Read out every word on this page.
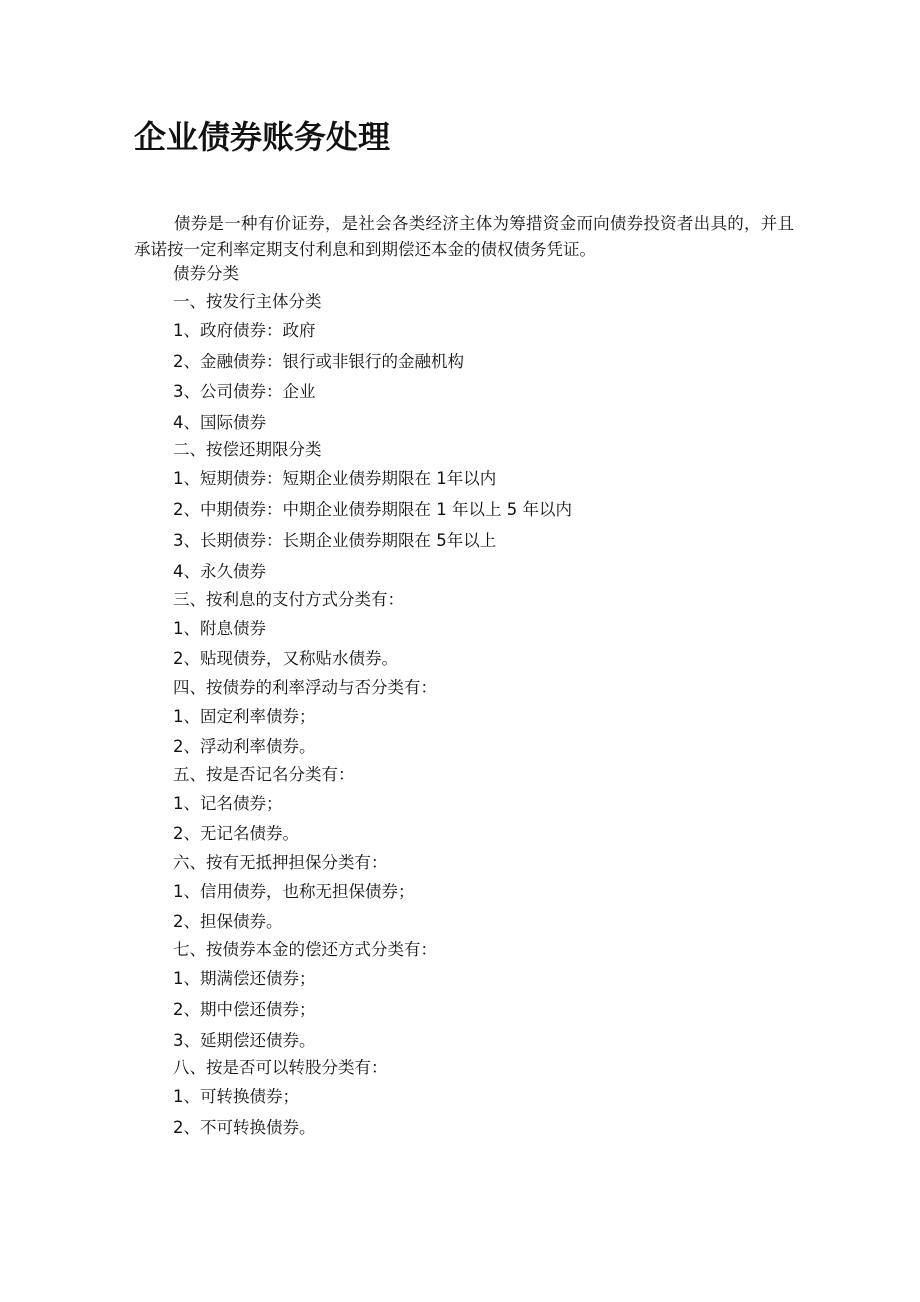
企业债券账务处理

债券是一种有价证券，是社会各类经济主体为筹措资金而向债券投资者出具的，并且承诺按一定利率定期支付利息和到期偿还本金的债权债务凭证。

债券分类

一、按发行主体分类

1、政府债券：政府

2、金融债券：银行或非银行的金融机构

3、公司债券：企业

4、国际债券

二、按偿还期限分类

1、短期债券：短期企业债券期限在 1年以内

2、中期债券：中期企业债券期限在 1 年以上 5 年以内

3、长期债券：长期企业债券期限在 5年以上

4、永久债券

三、按利息的支付方式分类有：

1、附息债券

2、贴现债券，又称贴水债券。

四、按债券的利率浮动与否分类有：

1、固定利率债券；

2、浮动利率债券。

五、按是否记名分类有：

1、记名债券；

2、无记名债券。

六、按有无抵押担保分类有：

1、信用债券，也称无担保债券；

2、担保债券。

七、按债券本金的偿还方式分类有：

1、期满偿还债券；

2、期中偿还债券；

3、延期偿还债券。

八、按是否可以转股分类有：

1、可转换债券；

2、不可转换债券。
